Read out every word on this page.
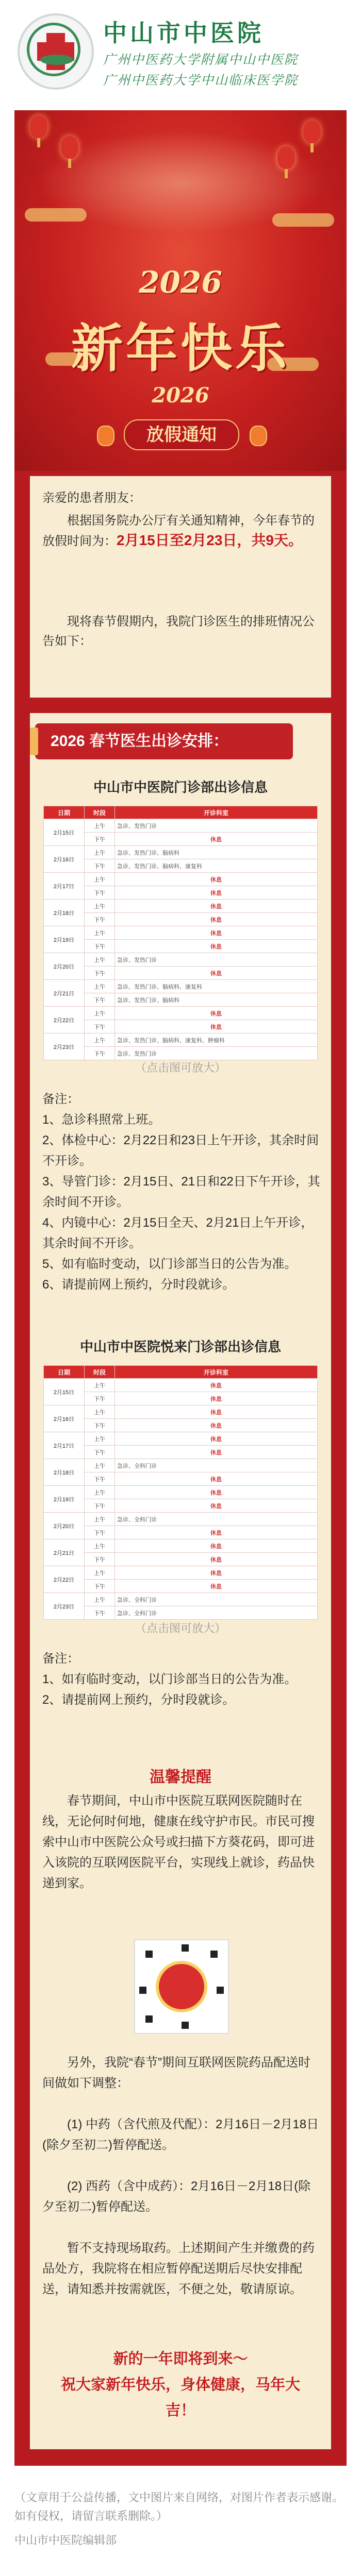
中山市中医院
广州中医药大学附属中山中医院
广州中医药大学中山临床医学院
2026
新年快乐
2026
放假通知
亲爱的患者朋友：
根据国务院办公厅有关通知精神，今年春节的放假时间为：2月15日至2月23日，共9天。
现将春节假期内，我院门诊医生的排班情况公告如下：
2026 春节医生出诊安排：
中山市中医院门诊部出诊信息
日期	时段	开诊科室
2月15日	上午	急诊、发热门诊
	下午	休息
2月16日	上午	急诊、发热门诊、脑病科
	下午	急诊、发热门诊、脑病科、康复科
2月17日	上午	休息
	下午	休息
2月18日	上午	休息
	下午	休息
2月19日	上午	休息
	下午	休息
2月20日	上午	急诊、发热门诊
	下午	休息
2月21日	上午	急诊、发热门诊、脑病科、康复科
	下午	急诊、发热门诊、脑病科
2月22日	上午	休息
	下午	休息
2月23日	上午	急诊、发热门诊、脑病科、康复科、肿瘤科
	下午	急诊、发热门诊
（点击图可放大）
备注：
1、急诊科照常上班。
2、体检中心：2月22日和23日上午开诊，其余时间不开诊。
3、导管门诊：2月15日、21日和22日下午开诊，其余时间不开诊。
4、内镜中心：2月15日全天、2月21日上午开诊，其余时间不开诊。
5、如有临时变动，以门诊部当日的公告为准。
6、请提前网上预约，分时段就诊。
中山市中医院悦来门诊部出诊信息
日期	时段	开诊科室
2月15日	上午	休息
	下午	休息
2月16日	上午	休息
	下午	休息
2月17日	上午	休息
	下午	休息
2月18日	上午	急诊、全科门诊
	下午	休息
2月19日	上午	休息
	下午	休息
2月20日	上午	急诊、全科门诊
	下午	休息
2月21日	上午	休息
	下午	休息
2月22日	上午	休息
	下午	休息
2月23日	上午	急诊、全科门诊
	下午	急诊、全科门诊
（点击图可放大）
备注：
1、如有临时变动，以门诊部当日的公告为准。
2、请提前网上预约，分时段就诊。
温馨提醒
春节期间，中山市中医院互联网医院随时在线，无论何时何地，健康在线守护市民。市民可搜索中山市中医院公众号或扫描下方葵花码，即可进入该院的互联网医院平台，实现线上就诊，药品快递到家。
另外，我院“春节”期间互联网医院药品配送时间做如下调整：
(1) 中药（含代煎及代配）：2月16日－2月18日(除夕至初二)暂停配送。
(2) 西药（含中成药）：2月16日－2月18日(除夕至初二)暂停配送。
暂不支持现场取药。上述期间产生并缴费的药品处方，我院将在相应暂停配送期后尽快安排配送，请知悉并按需就医，不便之处，敬请原谅。
新的一年即将到来～
祝大家新年快乐，身体健康，马年大吉！
（文章用于公益传播，文中图片来自网络，对图片作者表示感谢。如有侵权，请留言联系删除。）
中山市中医院编辑部
